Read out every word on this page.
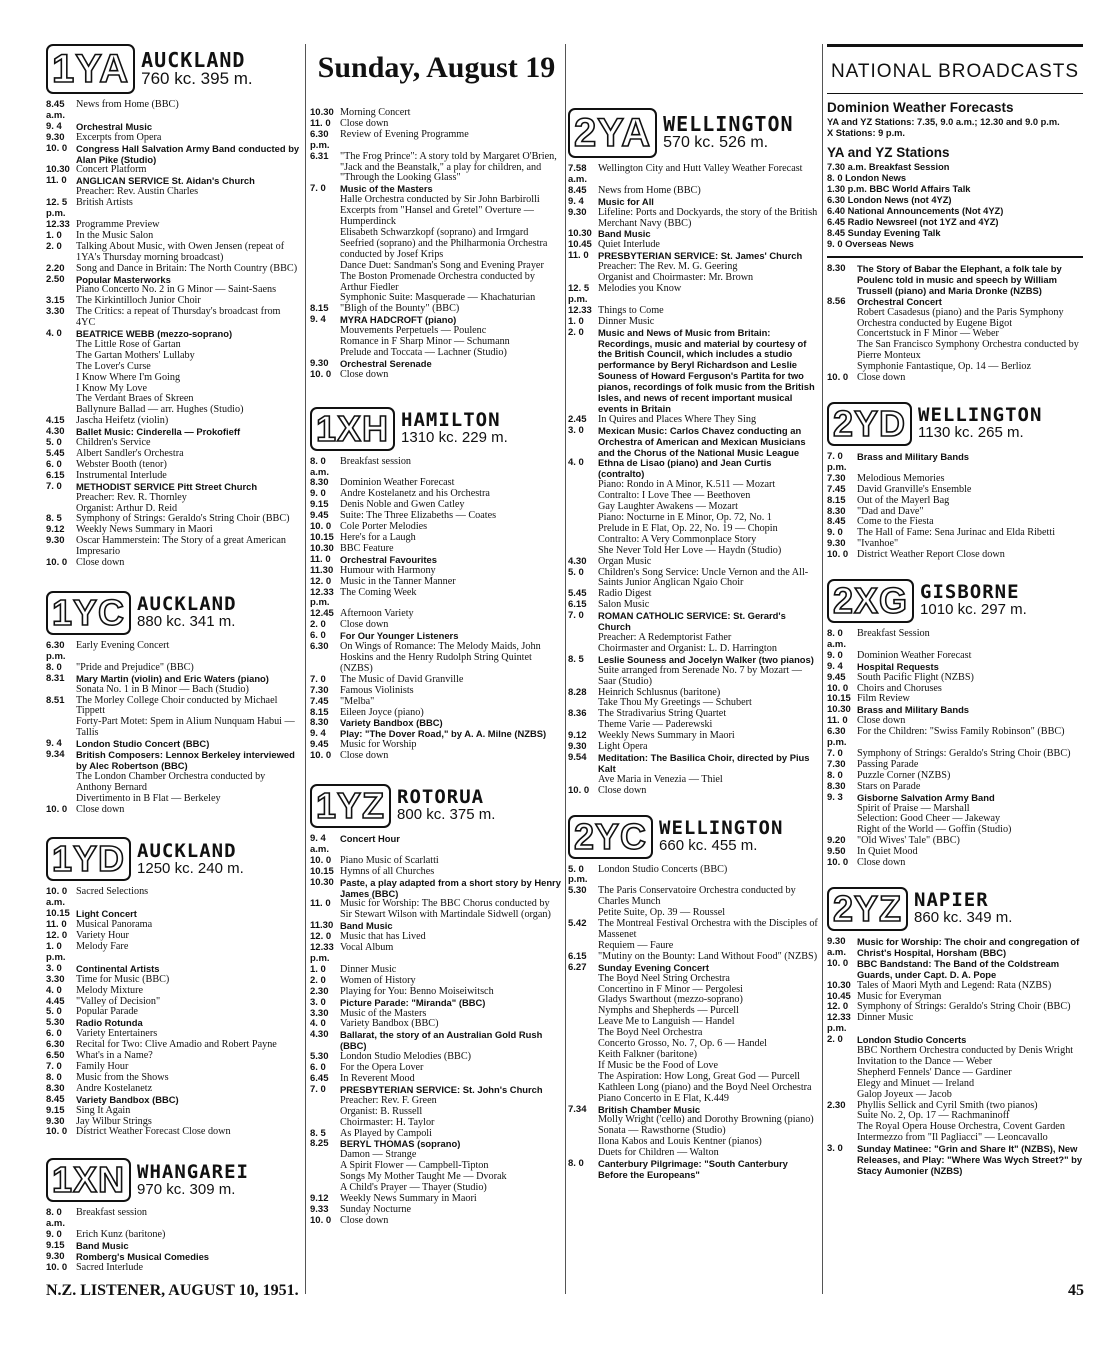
Sunday, August 19
1YA AUCKLAND
760 kc. 395 m.
8.45 a.m.
News from Home (BBC)
9. 4	Orchestral Music
9.30	Excerpts from Opera
10. 0 Congress Hall Salvation Army Band conducted by Alan Pike (Studio)
10.30 Concert Platform
11. 0 ANGLICAN SERVICE St. Aidan's Church
Preacher: Rev. Austin Charles
12. 5 p.m.
British Artists
12.33 Programme Preview
1. 0	In the Music Salon
2. 0	Talking About Music, with Owen Jensen (repeat of 1YA's Thursday morning broadcast)
2.20	Song and Dance in Britain: The North Country (BBC)
2.50	Popular Masterworks
Piano Concerto No. 2 in G Minor — Saint-Saens
3.15	The Kirkintilloch Junior Choir
3.30	The Critics: a repeat of Thursday's broadcast from 4YC
4. 0	BEATRICE WEBB (mezzo-soprano)
The Little Rose of Gartan
The Gartan Mothers' Lullaby
The Lover's Curse
I Know Where I'm Going
I Know My Love
The Verdant Braes of Skreen
Ballynure Ballad — arr. Hughes (Studio)
4.15	Jascha Heifetz (violin)
4.30	Ballet Music: Cinderella — Prokofieff
5. 0	Children's Service
5.45	Albert Sandler's Orchestra
6. 0	Webster Booth (tenor)
6.15	Instrumental Interlude
7. 0	METHODIST SERVICE Pitt Street Church
Preacher: Rev. R. Thornley
Organist: Arthur D. Reid
8. 5	Symphony of Strings: Geraldo's String Choir (BBC)
9.12	Weekly News Summary in Maori
9.30	Oscar Hammerstein: The Story of a great American Impresario
10. 0 Close down
1YC AUCKLAND
880 kc. 341 m.
6.30 p.m.
Early Evening Concert
8. 0	"Pride and Prejudice" (BBC)
8.31	Mary Martin (violin) and Eric Waters (piano)
Sonata No. 1 in B Minor — Bach (Studio)
8.51	The Morley College Choir conducted by Michael Tippett
Forty-Part Motet: Spem in Alium Nunquam Habui — Tallis
9. 4	London Studio Concert (BBC)
9.34	British Composers: Lennox Berkeley interviewed by Alec Robertson (BBC)
The London Chamber Orchestra conducted by Anthony Bernard
Divertimento in B Flat — Berkeley
10. 0 Close down
1YD AUCKLAND
1250 kc. 240 m.
10. 0 a.m.
Sacred Selections
10.15 Light Concert
11. 0 Musical Panorama
12. 0 Variety Hour
1. 0 p.m.
Melody Fare
3. 0	Continental Artists
3.30	Time for Music (BBC)
4. 0	Melody Mixture
4.45	"Valley of Decision"
5. 0	Popular Parade
5.30	Radio Rotunda
6. 0	Variety Entertainers
6.30	Recital for Two: Clive Amadio and Robert Payne
6.50	What's in a Name?
7. 0	Family Hour
8. 0	Music from the Shows
8.30	Andre Kostelanetz
8.45	Variety Bandbox (BBC)
9.15	Sing It Again
9.30	Jay Wilbur Strings
10. 0 District Weather Forecast Close down
1XN WHANGAREI
970 kc. 309 m.
8. 0 a.m.
Breakfast session
9. 0	Erich Kunz (baritone)
9.15	Band Music
9.30	Romberg's Musical Comedies
10. 0 Sacred Interlude
10.30 Morning Concert
11. 0 Close down
6.30 p.m.
Review of Evening Programme
6.31	"The Frog Prince": A story told by Margaret O'Brien, "Jack and the Beanstalk," a play for children, and "Through the Looking Glass"
7. 0	Music of the Masters
Halle Orchestra conducted by Sir John Barbirolli
Excerpts from "Hansel and Gretel" Overture — Humperdinck
Elisabeth Schwarzkopf (soprano) and Irmgard Seefried (soprano) and the Philharmonia Orchestra conducted by Josef Krips
Dance Duet: Sandman's Song and Evening Prayer
The Boston Promenade Orchestra conducted by Arthur Fiedler
Symphonic Suite: Masquerade — Khachaturian
8.15	"Bligh of the Bounty" (BBC)
9. 4	MYRA HADCROFT (piano)
Mouvements Perpetuels — Poulenc
Romance in F Sharp Minor — Schumann
Prelude and Toccata — Lachner (Studio)
9.30	Orchestral Serenade
10. 0 Close down
1XH HAMILTON
1310 kc. 229 m.
8. 0 a.m.
Breakfast session
8.30	Dominion Weather Forecast
9. 0	Andre Kostelanetz and his Orchestra
9.15	Denis Noble and Gwen Catley
9.45	Suite: The Three Elizabeths — Coates
10. 0 Cole Porter Melodies
10.15 Here's for a Laugh
10.30 BBC Feature
11. 0 Orchestral Favourites
11.30 Humour with Harmony
12. 0 Music in the Tanner Manner
12.33 p.m.
The Coming Week
12.45 Afternoon Variety
2. 0	Close down
6. 0	For Our Younger Listeners
6.30	On Wings of Romance: The Melody Maids, John Hoskins and the Henry Rudolph String Quintet (NZBS)
7. 0	The Music of David Granville
7.30	Famous Violinists
7.45	"Melba"
8.15	Eileen Joyce (piano)
8.30	Variety Bandbox (BBC)
9. 4	Play: "The Dover Road," by A. A. Milne (NZBS)
9.45	Music for Worship
10. 0 Close down
1YZ ROTORUA
800 kc. 375 m.
9. 4 a.m.
Concert Hour
10. 0 Piano Music of Scarlatti
10.15 Hymns of all Churches
10.30 Paste, a play adapted from a short story by Henry James (BBC)
11. 0 Music for Worship: The BBC Chorus conducted by Sir Stewart Wilson with Martindale Sidwell (organ)
11.30 Band Music
12. 0 Music that has Lived
12.33 p.m.
Vocal Album
1. 0	Dinner Music
2. 0	Women of History
2.30	Playing for You: Benno Moiseiwitsch
3. 0	Picture Parade: "Miranda" (BBC)
3.30	Music of the Masters
4. 0	Variety Bandbox (BBC)
4.30	Ballarat, the story of an Australian Gold Rush (BBC)
5.30	London Studio Melodies (BBC)
6. 0	For the Opera Lover
6.45	In Reverent Mood
7. 0	PRESBYTERIAN SERVICE: St. John's Church
Preacher: Rev. F. Green
Organist: B. Russell
Choirmaster: H. Taylor
8. 5	As Played by Campoli
8.25	BERYL THOMAS (soprano)
Damon — Strange
A Spirit Flower — Campbell-Tipton
Songs My Mother Taught Me — Dvorak
A Child's Prayer — Thayer (Studio)
9.12	Weekly News Summary in Maori
9.33	Sunday Nocturne
10. 0 Close down
2YA WELLINGTON
570 kc. 526 m.
7.58 a.m.
Wellington City and Hutt Valley Weather Forecast
8.45	News from Home (BBC)
9. 4	Music for All
9.30	Lifeline: Ports and Dockyards, the story of the British Merchant Navy (BBC)
10.30 Band Music
10.45 Quiet Interlude
11. 0 PRESBYTERIAN SERVICE: St. James' Church
Preacher: The Rev. M. G. Geering
Organist and Choirmaster: Mr. Brown
12. 5 p.m.
Melodies you Know
12.33 Things to Come
1. 0	Dinner Music
2. 0	Music and News of Music from Britain: Recordings, music and material by courtesy of the British Council, which includes a studio performance by Beryl Richardson and Leslie Souness of Howard Ferguson's Partita for two pianos, recordings of folk music from the British Isles, and news of recent important musical events in Britain
2.45	In Quires and Places Where They Sing
3. 0	Mexican Music: Carlos Chavez conducting an Orchestra of American and Mexican Musicians and the Chorus of the National Music League
4. 0	Ethna de Lisao (piano) and Jean Curtis (contralto)
Piano: Rondo in A Minor, K.511 — Mozart
Contralto: I Love Thee — Beethoven
Gay Laughter Awakens — Mozart
Piano: Nocturne in E Minor, Op. 72, No. 1
Prelude in E Flat, Op. 22, No. 19 — Chopin
Contralto: A Very Commonplace Story
She Never Told Her Love — Haydn (Studio)
4.30	Organ Music
5. 0	Children's Song Service: Uncle Vernon and the All-Saints Junior Anglican Ngaio Choir
5.45	Radio Digest
6.15	Salon Music
7. 0	ROMAN CATHOLIC SERVICE: St. Gerard's Church
Preacher: A Redemptorist Father
Choirmaster and Organist: L. D. Harrington
8. 5	Leslie Souness and Jocelyn Walker (two pianos)
Suite arranged from Serenade No. 7 by Mozart — Saar (Studio)
8.28	Heinrich Schlusnus (baritone)
Take Thou My Greetings — Schubert
8.36	The Stradivarius String Quartet
Theme Varie — Paderewski
9.12	Weekly News Summary in Maori
9.30	Light Opera
9.54	Meditation: The Basilica Choir, directed by Pius Kalt
Ave Maria in Venezia — Thiel
10. 0 Close down
2YC WELLINGTON
660 kc. 455 m.
5. 0 p.m.
London Studio Concerts (BBC)
5.30	The Paris Conservatoire Orchestra conducted by Charles Munch
Petite Suite, Op. 39 — Roussel
5.42	The Montreal Festival Orchestra with the Disciples of Massenet
Requiem — Faure
6.15	"Mutiny on the Bounty: Land Without Food" (NZBS)
6.27	Sunday Evening Concert
The Boyd Neel String Orchestra
Concertino in F Minor — Pergolesi
Gladys Swarthout (mezzo-soprano)
Nymphs and Shepherds — Purcell
Leave Me to Languish — Handel
The Boyd Neel Orchestra
Concerto Grosso, No. 7, Op. 6 — Handel
Keith Falkner (baritone)
If Music be the Food of Love
The Aspiration: How Long, Great God — Purcell
Kathleen Long (piano) and the Boyd Neel Orchestra
Piano Concerto in E Flat, K.449
7.34	British Chamber Music
Molly Wright ('cello) and Dorothy Browning (piano)
Sonata — Rawsthorne (Studio)
Ilona Kabos and Louis Kentner (pianos)
Duets for Children — Walton
8. 0	Canterbury Pilgrimage: "South Canterbury Before the Europeans"
NATIONAL BROADCASTS
Dominion Weather Forecasts
YA and YZ Stations: 7.35, 9.0 a.m.; 12.30 and 9.0 p.m.
X Stations: 9 p.m.
YA and YZ Stations
7.30 a.m. Breakfast Session
8. 0 London News
1.30 p.m. BBC World Affairs Talk
6.30 London News (not 4YZ)
6.40 National Announcements (Not 4YZ)
6.45 Radio Newsreel (not 1YZ and 4YZ)
8.45 Sunday Evening Talk
9. 0 Overseas News
8.30	The Story of Babar the Elephant, a folk tale by Poulenc told in music and speech by William Trussell (piano) and Maria Dronke (NZBS)
8.56	Orchestral Concert
Robert Casadesus (piano) and the Paris Symphony Orchestra conducted by Eugene Bigot
Concertstuck in F Minor — Weber
The San Francisco Symphony Orchestra conducted by Pierre Monteux
Symphonie Fantastique, Op. 14 — Berlioz
10. 0 Close down
2YD WELLINGTON
1130 kc. 265 m.
7. 0 p.m.
Brass and Military Bands
7.30	Melodious Memories
7.45	David Granville's Ensemble
8.15	Out of the Mayerl Bag
8.30	"Dad and Dave"
8.45	Come to the Fiesta
9. 0	The Hall of Fame: Sena Jurinac and Elda Ribetti
9.30	"Ivanhoe"
10. 0 District Weather Report Close down
2XG GISBORNE
1010 kc. 297 m.
8. 0 a.m.
Breakfast Session
9. 0	Dominion Weather Forecast
9. 4	Hospital Requests
9.45	South Pacific Flight (NZBS)
10. 0 Choirs and Choruses
10.15 Film Review
10.30 Brass and Military Bands
11. 0 Close down
6.30 p.m.
For the Children: "Swiss Family Robinson" (BBC)
7. 0	Symphony of Strings: Geraldo's String Choir (BBC)
7.30	Passing Parade
8. 0	Puzzle Corner (NZBS)
8.30	Stars on Parade
9. 3	Gisborne Salvation Army Band
Spirit of Praise — Marshall
Selection: Good Cheer — Jakeway
Right of the World — Goffin (Studio)
9.20	"Old Wives' Tale" (BBC)
9.50	In Quiet Mood
10. 0 Close down
2YZ NAPIER
860 kc. 349 m.
9.30 a.m.
Music for Worship: The choir and congregation of Christ's Hospital, Horsham (BBC)
10. 0 BBC Bandstand: The Band of the Coldstream Guards, under Capt. D. A. Pope
10.30 Tales of Maori Myth and Legend: Rata (NZBS)
10.45 Music for Everyman
12. 0 Symphony of Strings: Geraldo's String Choir (BBC)
12.33 p.m.
Dinner Music
2. 0	London Studio Concerts
BBC Northern Orchestra conducted by Denis Wright
Invitation to the Dance — Weber
Shepherd Fennels' Dance — Gardiner
Elegy and Minuet — Ireland
Galop Joyeux — Jacob
2.30	Phyllis Sellick and Cyril Smith (two pianos)
Suite No. 2, Op. 17 — Rachmaninoff
The Royal Opera House Orchestra, Covent Garden
Intermezzo from "Il Pagliacci" — Leoncavallo
3. 0	Sunday Matinee: "Grin and Share It" (NZBS), New Releases, and Play: "Where Was Wych Street?" by Stacy Aumonier (NZBS)
N.Z. LISTENER, AUGUST 10, 1951.	45
